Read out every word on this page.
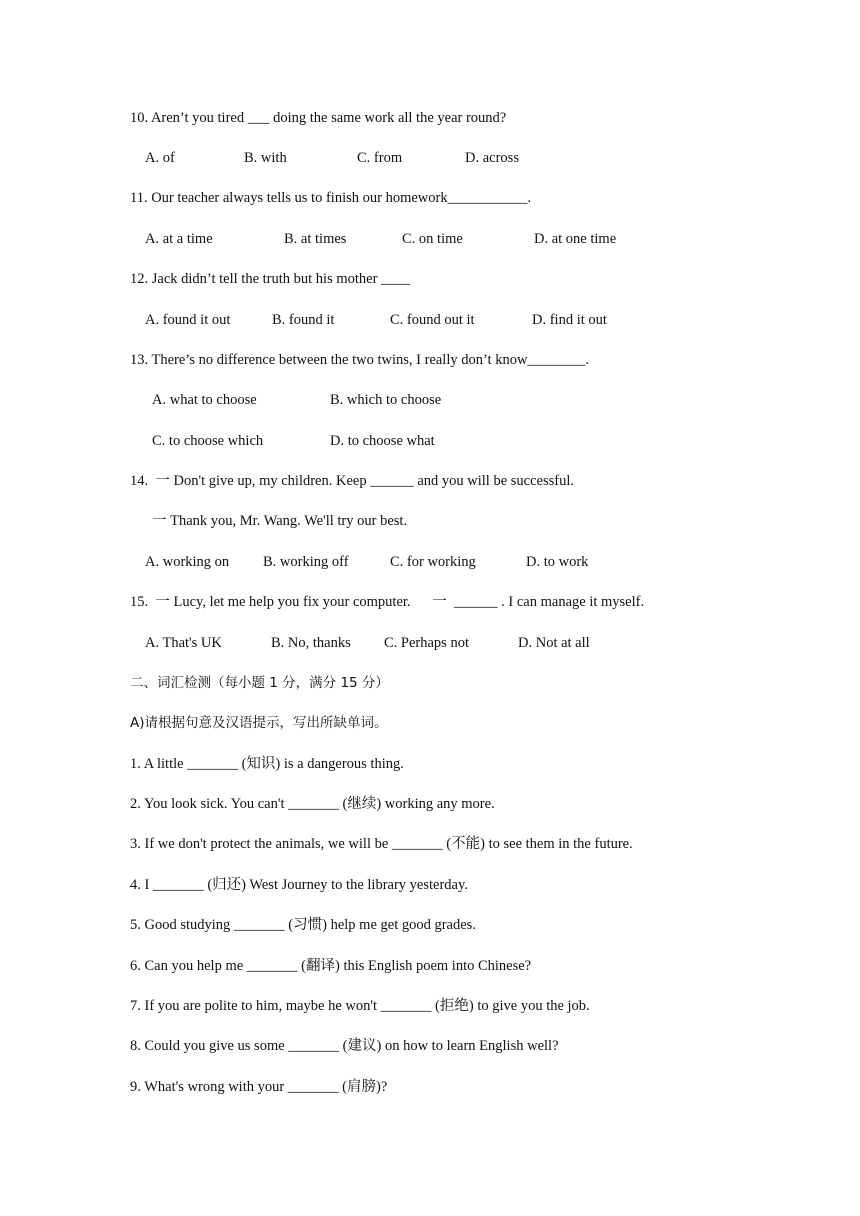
10. Aren’t you tired ___ doing the same work all the year round?
A. of	B. with	C. from	D. across
11. Our teacher always tells us to finish our homework___________.
A. at a time	B. at times	C. on time	D. at one time
12. Jack didn’t tell the truth but his mother ____
A. found it out	B. found it	C. found out it	D. find it out
13. There’s no difference between the two twins, I really don’t know________.
A. what to choose	B. which to choose
C. to choose which	D. to choose what
14.  一 Don't give up, my children. Keep ______ and you will be successful.
一 Thank you, Mr. Wang. We'll try our best.
A. working on B. working off	C. for working	D. to work
15.  一 Lucy, let me help you fix your computer.      一  ______ . I can manage it myself.
A. That's UK	B. No, thanks C. Perhaps not	D. Not at all
二、词汇检测（每小题 1 分，满分 15 分）
A)请根据句意及汉语提示，写出所缺单词。
1. A little _______ (知识) is a dangerous thing.
2. You look sick. You can't _______ (继续) working any more.
3. If we don't protect the animals, we will be _______ (不能) to see them in the future.
4. I _______ (归还) West Journey to the library yesterday.
5. Good studying _______ (习惯) help me get good grades.
6. Can you help me _______ (翻译) this English poem into Chinese?
7. If you are polite to him, maybe he won't _______ (拒绝) to give you the job.
8. Could you give us some _______ (建议) on how to learn English well?
9. What's wrong with your _______ (肩膀)?
